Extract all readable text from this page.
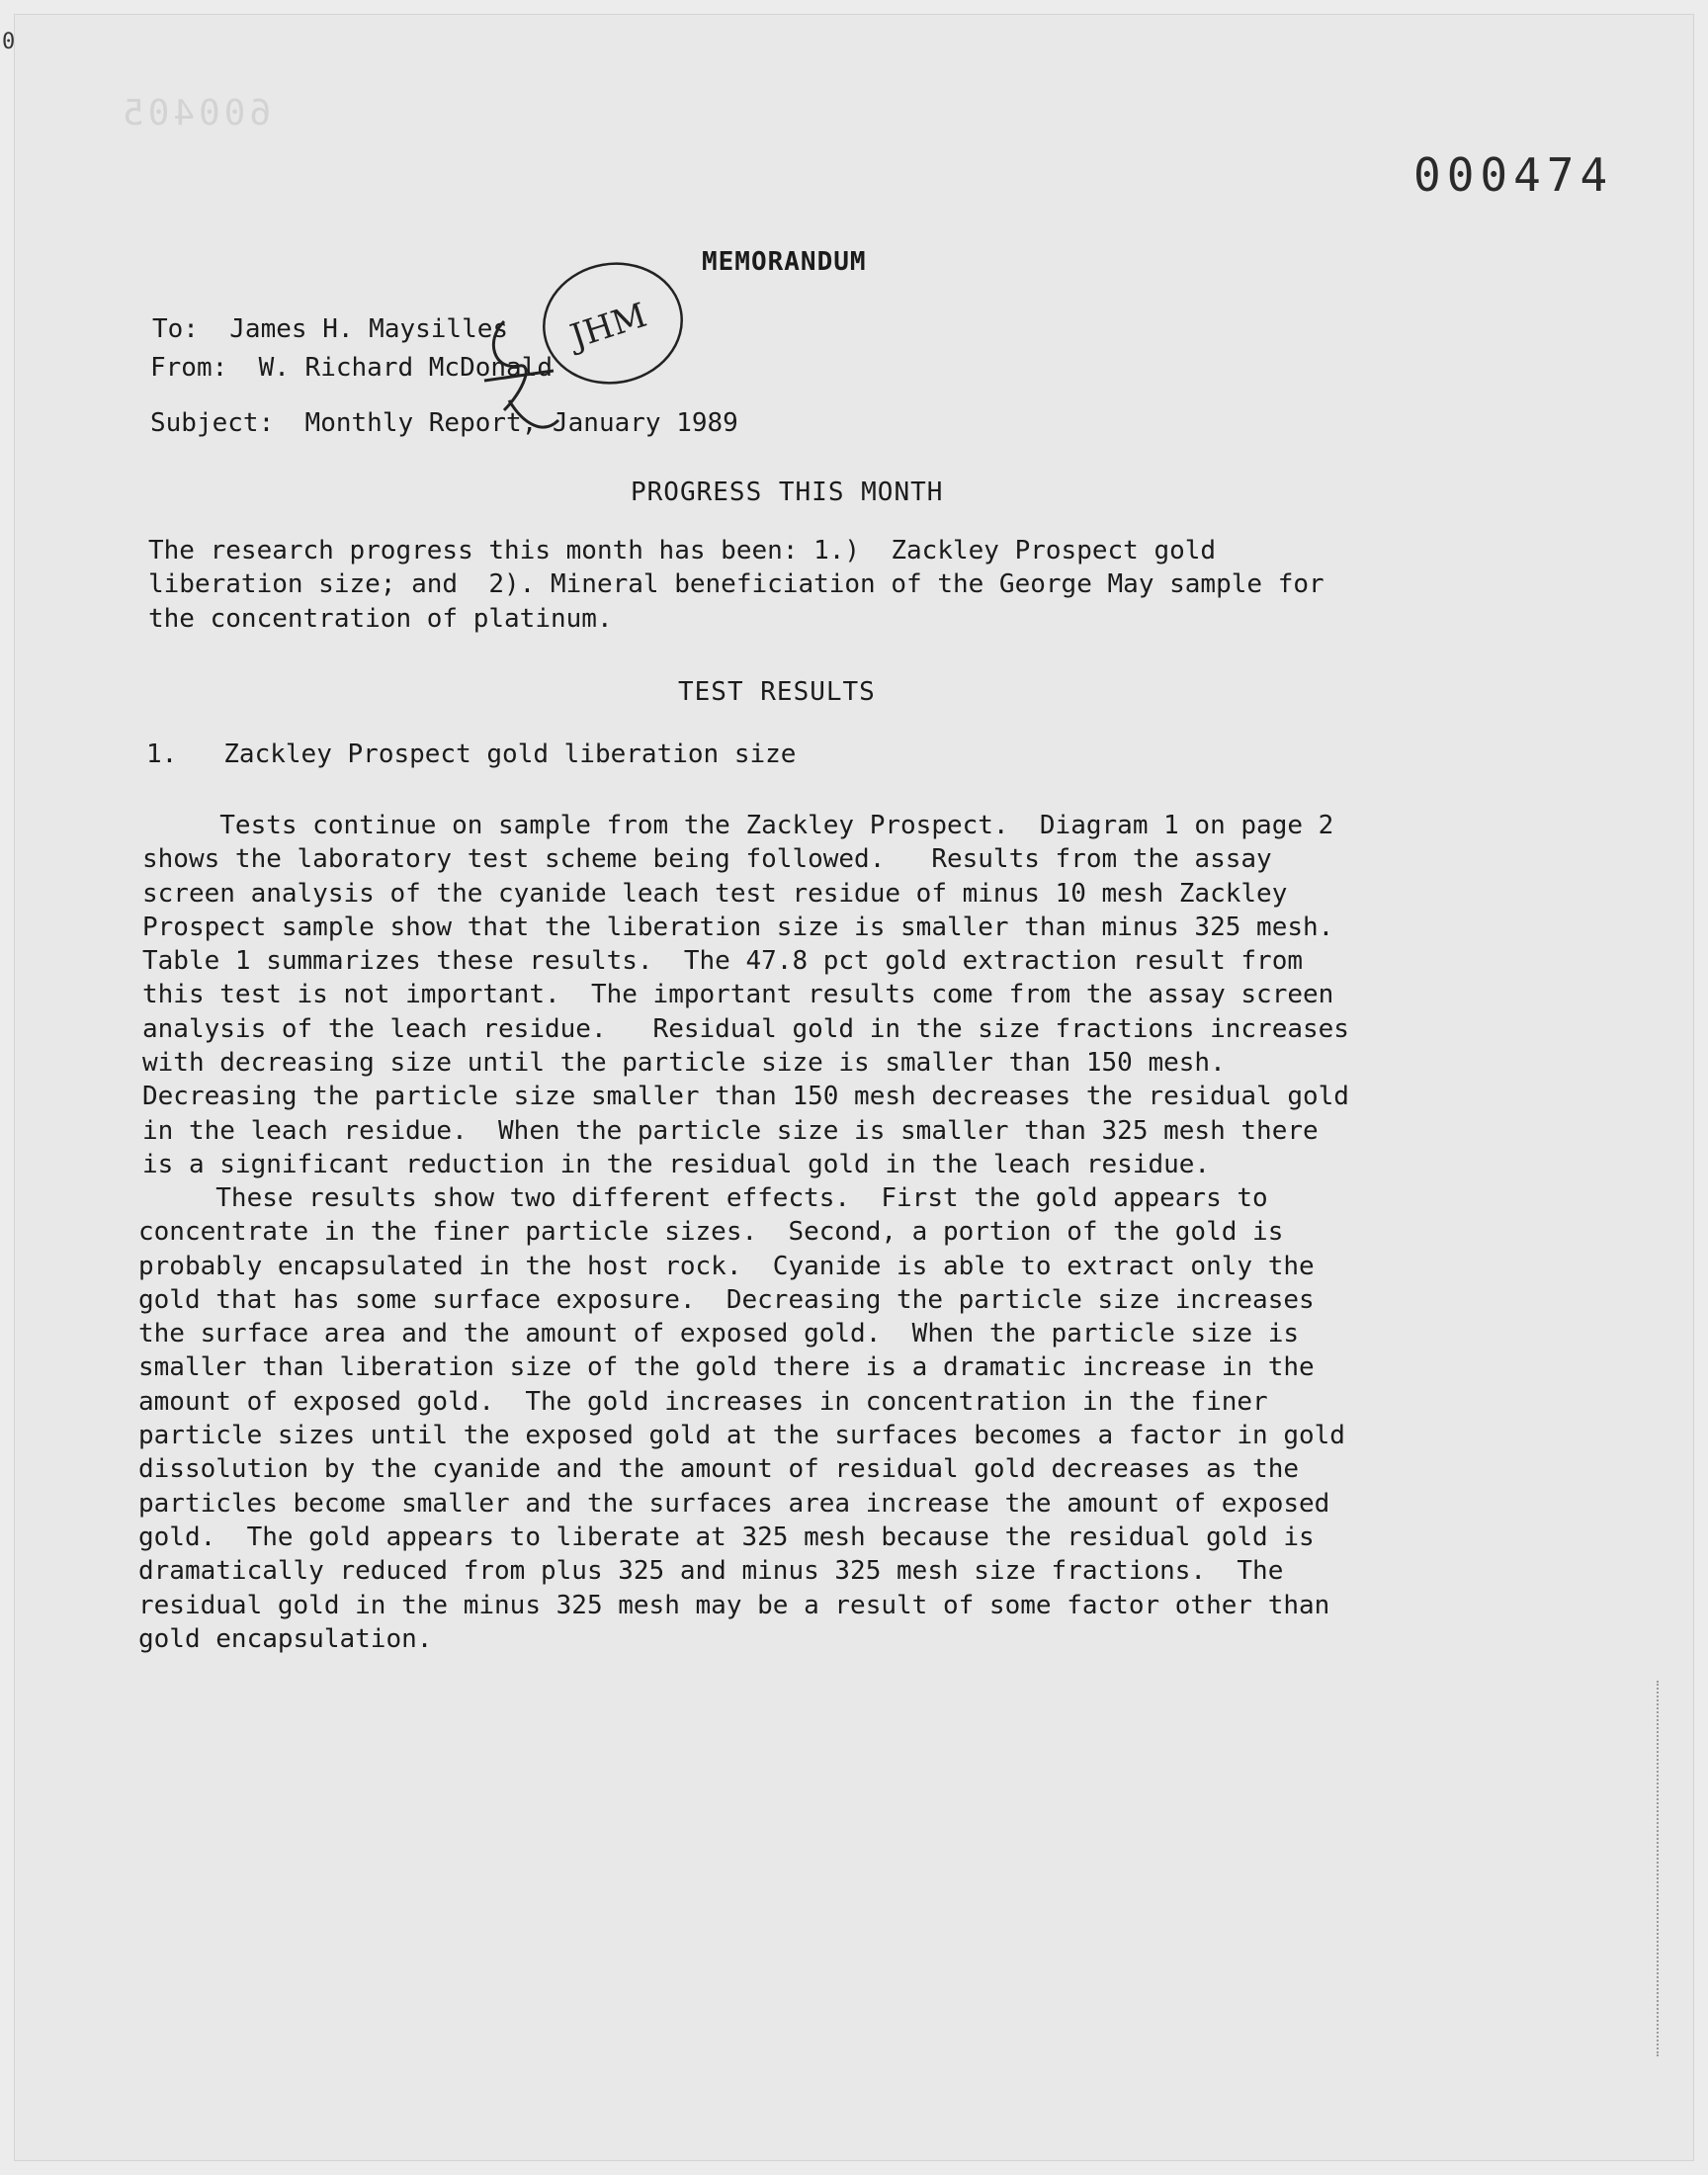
0
600405
000474
MEMORANDUM
To: James H. Maysilles
From: W. Richard McDonald
Subject: Monthly Report, January 1989
JHM
PROGRESS THIS MONTH
The research progress this month has been: 1.)  Zackley Prospect gold
liberation size; and  2). Mineral beneficiation of the George May sample for
the concentration of platinum.
TEST RESULTS
1. Zackley Prospect gold liberation size
Tests continue on sample from the Zackley Prospect.  Diagram 1 on page 2
shows the laboratory test scheme being followed.   Results from the assay
screen analysis of the cyanide leach test residue of minus 10 mesh Zackley
Prospect sample show that the liberation size is smaller than minus 325 mesh.
Table 1 summarizes these results.  The 47.8 pct gold extraction result from
this test is not important.  The important results come from the assay screen
analysis of the leach residue.   Residual gold in the size fractions increases
with decreasing size until the particle size is smaller than 150 mesh.
Decreasing the particle size smaller than 150 mesh decreases the residual gold
in the leach residue.  When the particle size is smaller than 325 mesh there
is a significant reduction in the residual gold in the leach residue.
These results show two different effects.  First the gold appears to
concentrate in the finer particle sizes.  Second, a portion of the gold is
probably encapsulated in the host rock.  Cyanide is able to extract only the
gold that has some surface exposure.  Decreasing the particle size increases
the surface area and the amount of exposed gold.  When the particle size is
smaller than liberation size of the gold there is a dramatic increase in the
amount of exposed gold.  The gold increases in concentration in the finer
particle sizes until the exposed gold at the surfaces becomes a factor in gold
dissolution by the cyanide and the amount of residual gold decreases as the
particles become smaller and the surfaces area increase the amount of exposed
gold.  The gold appears to liberate at 325 mesh because the residual gold is
dramatically reduced from plus 325 and minus 325 mesh size fractions.  The
residual gold in the minus 325 mesh may be a result of some factor other than
gold encapsulation.
